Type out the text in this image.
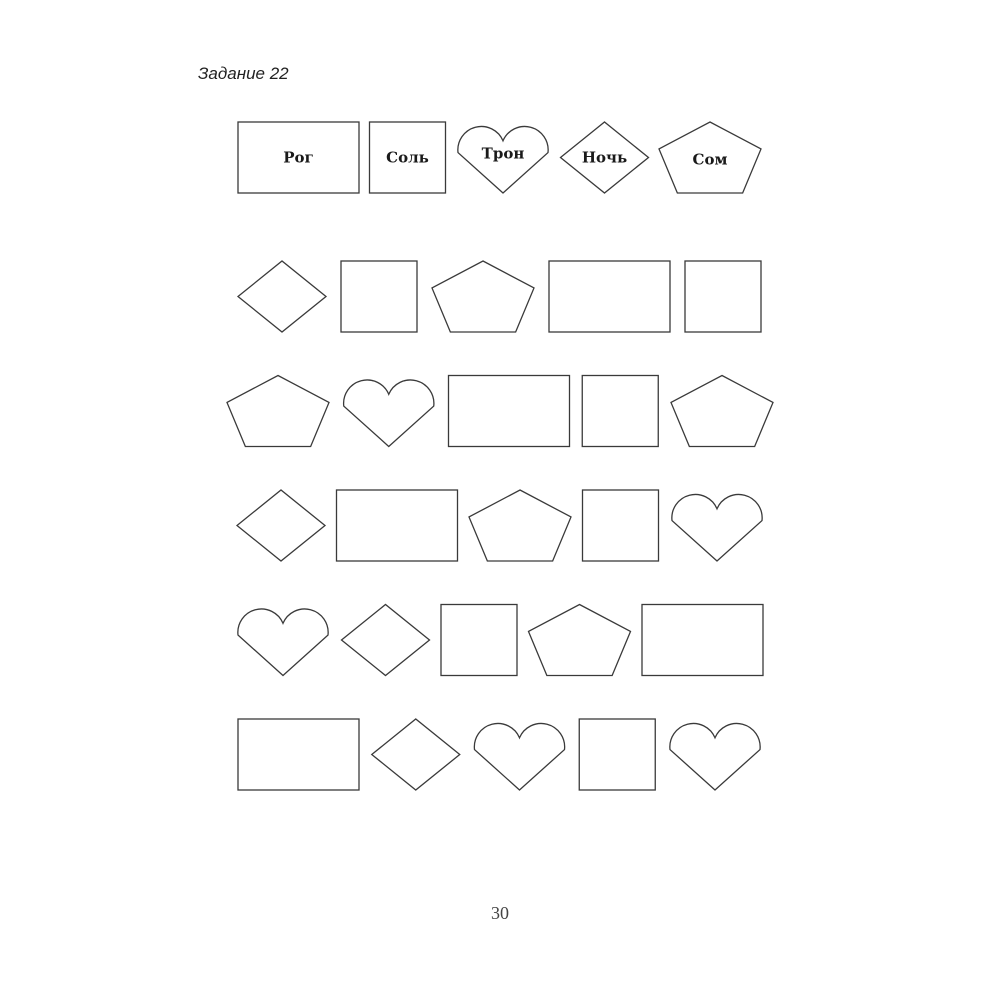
Задание 22
Рог	Соль	Трон	Ночь	Сом
30
